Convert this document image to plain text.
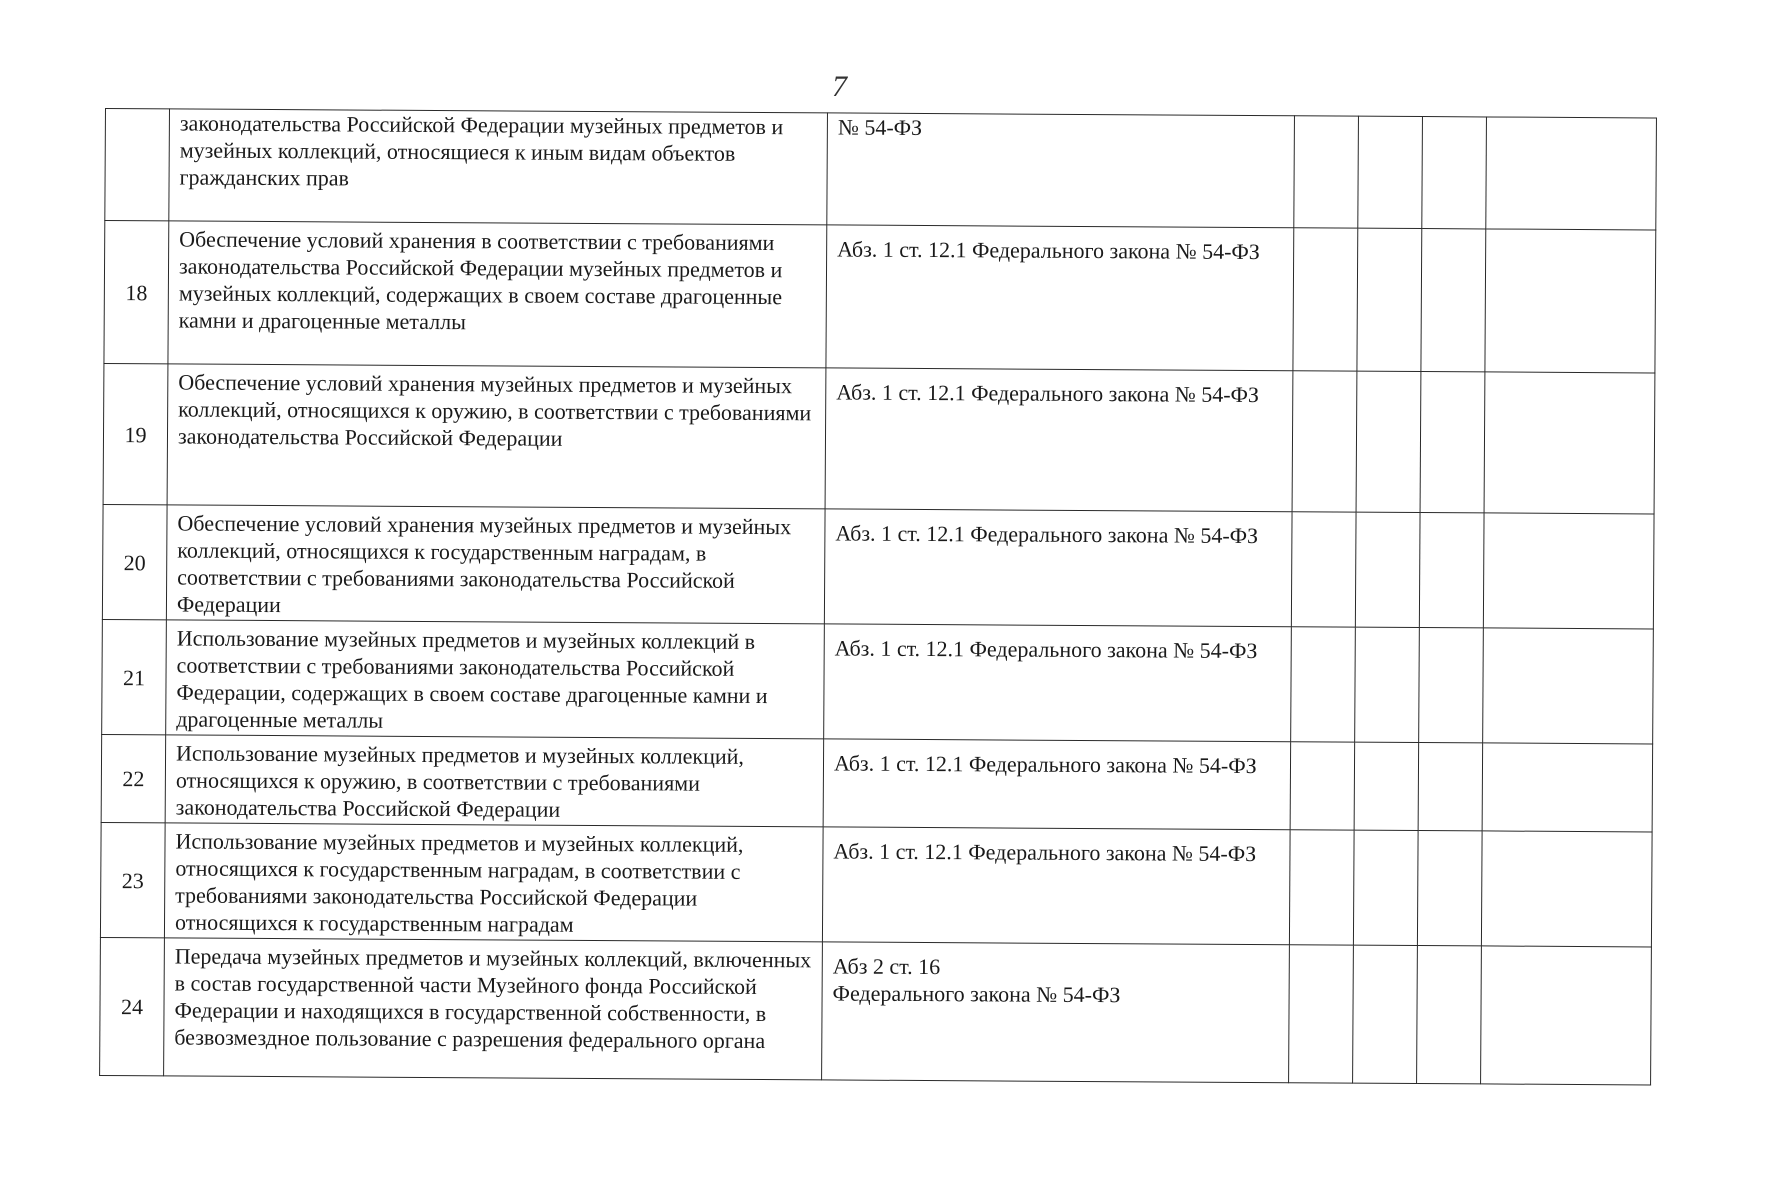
7
	законодательства Российской Федерации музейных предметов и музейных коллекций, относящиеся к иным видам объектов гражданских прав	№ 54-ФЗ				
18	Обеспечение условий хранения в соответствии с требованиями законодательства Российской Федерации музейных предметов и музейных коллекций, содержащих в своем составе драгоценные камни и драгоценные металлы	Абз. 1 ст. 12.1 Федерального закона № 54-ФЗ				
19	Обеспечение условий хранения музейных предметов и музейных коллекций, относящихся к оружию, в соответствии с требованиями законодательства Российской Федерации	Абз. 1 ст. 12.1 Федерального закона № 54-ФЗ				
20	Обеспечение условий хранения музейных предметов и музейных коллекций, относящихся к государственным наградам, в соответствии с требованиями законодательства Российской Федерации	Абз. 1 ст. 12.1 Федерального закона № 54-ФЗ				
21	Использование музейных предметов и музейных коллекций в соответствии с требованиями законодательства Российской Федерации, содержащих в своем составе драгоценные камни и драгоценные металлы	Абз. 1 ст. 12.1 Федерального закона № 54-ФЗ				
22	Использование музейных предметов и музейных коллекций, относящихся к оружию, в соответствии с требованиями законодательства Российской Федерации	Абз. 1 ст. 12.1 Федерального закона № 54-ФЗ				
23	Использование музейных предметов и музейных коллекций, относящихся к государственным наградам, в соответствии с требованиями законодательства Российской Федерации относящихся к государственным наградам	Абз. 1 ст. 12.1 Федерального закона № 54-ФЗ				
24	Передача музейных предметов и музейных коллекций, включенных в состав государственной части Музейного фонда Российской Федерации и находящихся в государственной собственности, в безвозмездное пользование с разрешения федерального органа	Абз 2 ст. 16
Федерального закона № 54-ФЗ				
